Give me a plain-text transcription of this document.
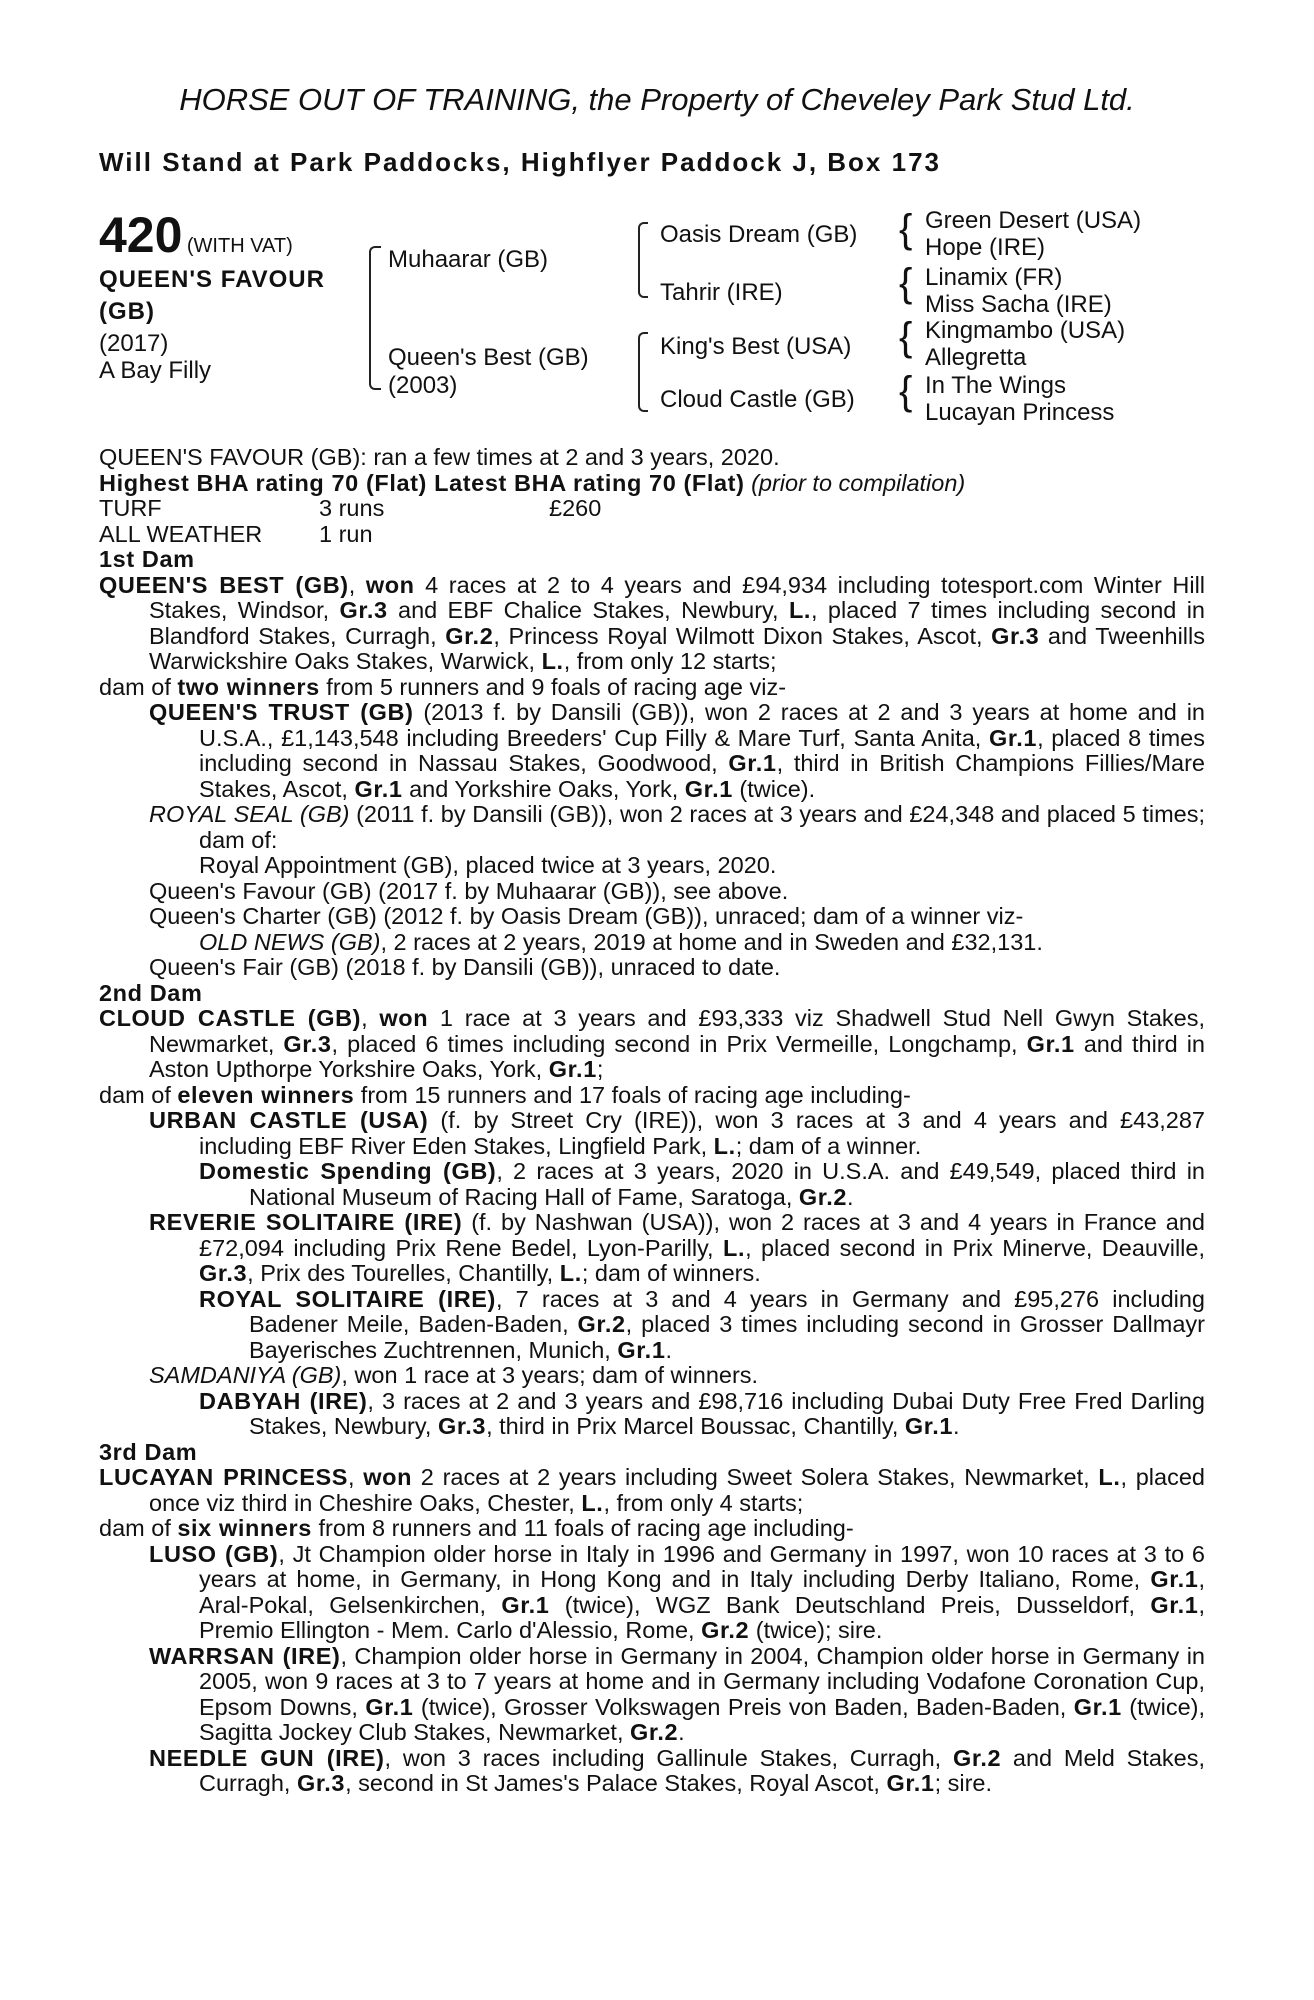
HORSE OUT OF TRAINING, the Property of Cheveley Park Stud Ltd.
Will Stand at Park Paddocks, Highflyer Paddock J, Box 173
420 (WITH VAT)
QUEEN'S FAVOUR (GB)
(2017)
A Bay Filly
Muhaarar (GB)
Queen's Best (GB)
(2003)
Oasis Dream (GB)
Tahrir (IRE)
King's Best (USA)
Cloud Castle (GB)
{ Green Desert (USA)
Hope (IRE)
{ Linamix (FR)
Miss Sacha (IRE)
{ Kingmambo (USA)
Allegretta
{ In The Wings
Lucayan Princess

QUEEN'S FAVOUR (GB): ran a few times at 2 and 3 years, 2020.

Highest BHA rating 70 (Flat) Latest BHA rating 70 (Flat) (prior to compilation)

TURF	3 runs	£260
ALL WEATHER	1 run

1st Dam

QUEEN'S BEST (GB), won 4 races at 2 to 4 years and £94,934 including totesport.com Winter Hill Stakes, Windsor, Gr.3 and EBF Chalice Stakes, Newbury, L., placed 7 times including second in Blandford Stakes, Curragh, Gr.2, Princess Royal Wilmott Dixon Stakes, Ascot, Gr.3 and Tweenhills Warwickshire Oaks Stakes, Warwick, L., from only 12 starts;

dam of two winners from 5 runners and 9 foals of racing age viz-

QUEEN'S TRUST (GB) (2013 f. by Dansili (GB)), won 2 races at 2 and 3 years at home and in U.S.A., £1,143,548 including Breeders' Cup Filly & Mare Turf, Santa Anita, Gr.1, placed 8 times including second in Nassau Stakes, Goodwood, Gr.1, third in British Champions Fillies/Mare Stakes, Ascot, Gr.1 and Yorkshire Oaks, York, Gr.1 (twice).

ROYAL SEAL (GB) (2011 f. by Dansili (GB)), won 2 races at 3 years and £24,348 and placed 5 times; dam of:

Royal Appointment (GB), placed twice at 3 years, 2020.

Queen's Favour (GB) (2017 f. by Muhaarar (GB)), see above.

Queen's Charter (GB) (2012 f. by Oasis Dream (GB)), unraced; dam of a winner viz-

OLD NEWS (GB), 2 races at 2 years, 2019 at home and in Sweden and £32,131.

Queen's Fair (GB) (2018 f. by Dansili (GB)), unraced to date.

2nd Dam

CLOUD CASTLE (GB), won 1 race at 3 years and £93,333 viz Shadwell Stud Nell Gwyn Stakes, Newmarket, Gr.3, placed 6 times including second in Prix Vermeille, Longchamp, Gr.1 and third in Aston Upthorpe Yorkshire Oaks, York, Gr.1;

dam of eleven winners from 15 runners and 17 foals of racing age including-

URBAN CASTLE (USA) (f. by Street Cry (IRE)), won 3 races at 3 and 4 years and £43,287 including EBF River Eden Stakes, Lingfield Park, L.; dam of a winner.

Domestic Spending (GB), 2 races at 3 years, 2020 in U.S.A. and £49,549, placed third in National Museum of Racing Hall of Fame, Saratoga, Gr.2.

REVERIE SOLITAIRE (IRE) (f. by Nashwan (USA)), won 2 races at 3 and 4 years in France and £72,094 including Prix Rene Bedel, Lyon-Parilly, L., placed second in Prix Minerve, Deauville, Gr.3, Prix des Tourelles, Chantilly, L.; dam of winners.

ROYAL SOLITAIRE (IRE), 7 races at 3 and 4 years in Germany and £95,276 including Badener Meile, Baden-Baden, Gr.2, placed 3 times including second in Grosser Dallmayr Bayerisches Zuchtrennen, Munich, Gr.1.

SAMDANIYA (GB), won 1 race at 3 years; dam of winners.

DABYAH (IRE), 3 races at 2 and 3 years and £98,716 including Dubai Duty Free Fred Darling Stakes, Newbury, Gr.3, third in Prix Marcel Boussac, Chantilly, Gr.1.

3rd Dam

LUCAYAN PRINCESS, won 2 races at 2 years including Sweet Solera Stakes, Newmarket, L., placed once viz third in Cheshire Oaks, Chester, L., from only 4 starts;

dam of six winners from 8 runners and 11 foals of racing age including-

LUSO (GB), Jt Champion older horse in Italy in 1996 and Germany in 1997, won 10 races at 3 to 6 years at home, in Germany, in Hong Kong and in Italy including Derby Italiano, Rome, Gr.1, Aral-Pokal, Gelsenkirchen, Gr.1 (twice), WGZ Bank Deutschland Preis, Dusseldorf, Gr.1, Premio Ellington - Mem. Carlo d'Alessio, Rome, Gr.2 (twice); sire.

WARRSAN (IRE), Champion older horse in Germany in 2004, Champion older horse in Germany in 2005, won 9 races at 3 to 7 years at home and in Germany including Vodafone Coronation Cup, Epsom Downs, Gr.1 (twice), Grosser Volkswagen Preis von Baden, Baden-Baden, Gr.1 (twice), Sagitta Jockey Club Stakes, Newmarket, Gr.2.

NEEDLE GUN (IRE), won 3 races including Gallinule Stakes, Curragh, Gr.2 and Meld Stakes, Curragh, Gr.3, second in St James's Palace Stakes, Royal Ascot, Gr.1; sire.
